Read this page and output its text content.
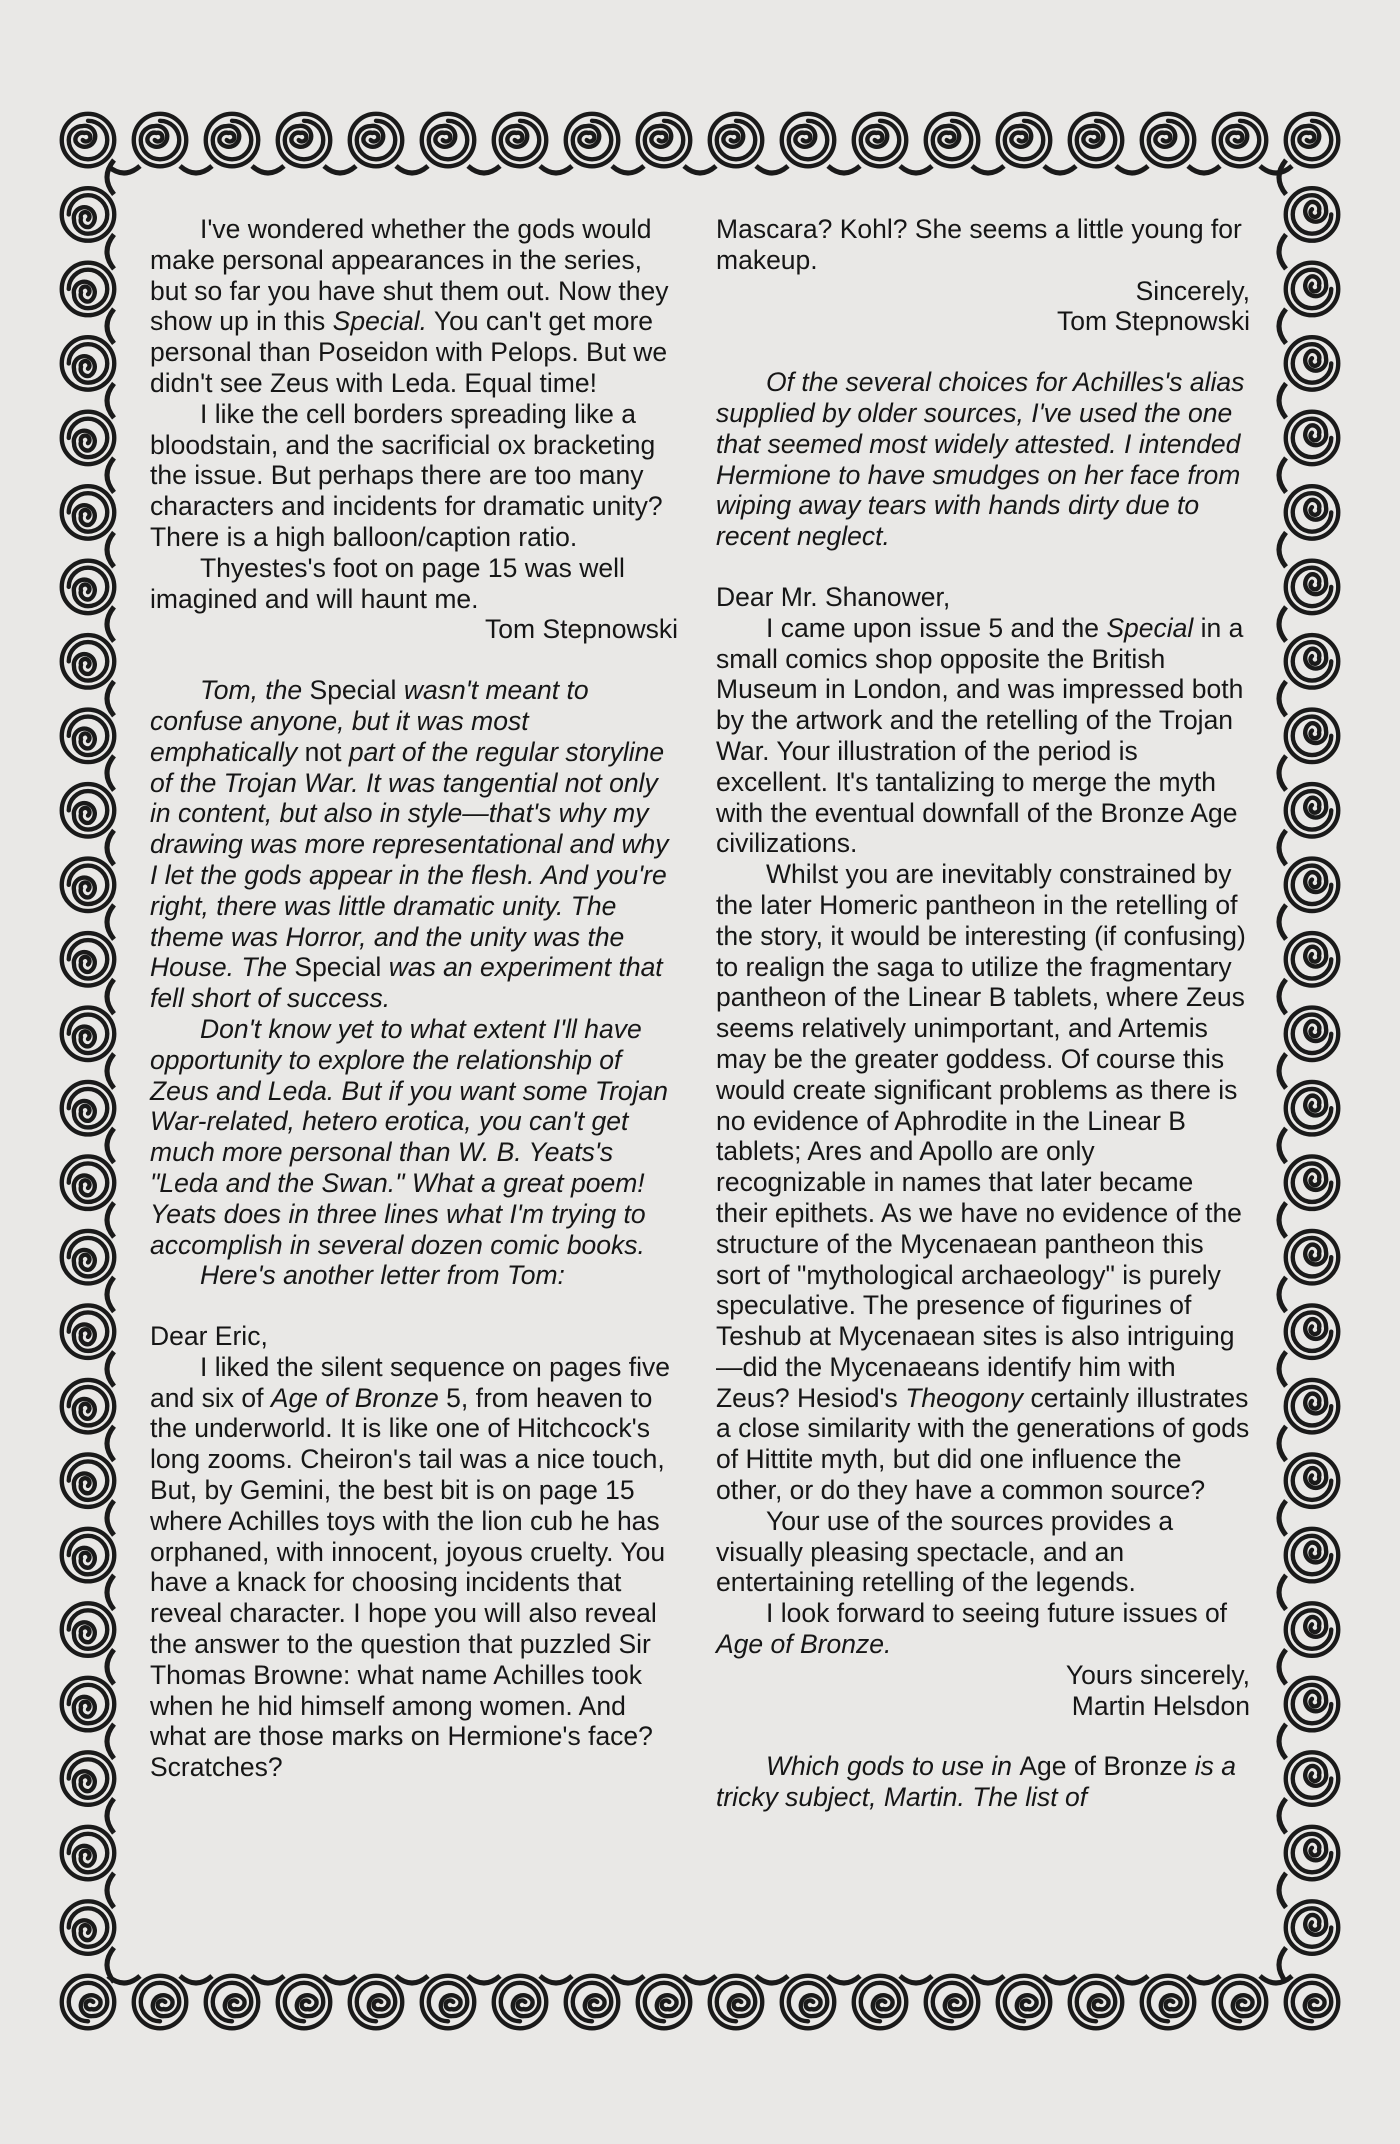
I've wondered whether the gods would make personal appearances in the series, but so far you have shut them out. Now they show up in this Special. You can't get more personal than Poseidon with Pelops. But we didn't see Zeus with Leda. Equal time!

I like the cell borders spreading like a bloodstain, and the sacrificial ox bracketing the issue. But perhaps there are too many characters and incidents for dramatic unity? There is a high balloon/caption ratio.

Thyestes's foot on page 15 was well imagined and will haunt me.

Tom Stepnowski

Tom, the Special wasn't meant to confuse anyone, but it was most emphatically not part of the regular storyline of the Trojan War. It was tangential not only in content, but also in style—that's why my drawing was more representational and why I let the gods appear in the flesh. And you're right, there was little dramatic unity. The theme was Horror, and the unity was the House. The Special was an experiment that fell short of success.

Don't know yet to what extent I'll have opportunity to explore the relationship of Zeus and Leda. But if you want some Trojan War-related, hetero erotica, you can't get much more personal than W. B. Yeats's "Leda and the Swan." What a great poem! Yeats does in three lines what I'm trying to accomplish in several dozen comic books.

Here's another letter from Tom:

Dear Eric,

I liked the silent sequence on pages five and six of Age of Bronze 5, from heaven to the underworld. It is like one of Hitchcock's long zooms. Cheiron's tail was a nice touch, But, by Gemini, the best bit is on page 15 where Achilles toys with the lion cub he has orphaned, with innocent, joyous cruelty. You have a knack for choosing incidents that reveal character. I hope you will also reveal the answer to the question that puzzled Sir Thomas Browne: what name Achilles took when he hid himself among women. And what are those marks on Hermione's face? Scratches?

Mascara? Kohl? She seems a little young for makeup.

Sincerely,

Tom Stepnowski

Of the several choices for Achilles's alias supplied by older sources, I've used the one that seemed most widely attested. I intended Hermione to have smudges on her face from wiping away tears with hands dirty due to recent neglect.

Dear Mr. Shanower,

I came upon issue 5 and the Special in a small comics shop opposite the British Museum in London, and was impressed both by the artwork and the retelling of the Trojan War. Your illustration of the period is excellent. It's tantalizing to merge the myth with the eventual downfall of the Bronze Age civilizations.

Whilst you are inevitably constrained by the later Homeric pantheon in the retelling of the story, it would be interesting (if confusing) to realign the saga to utilize the fragmentary pantheon of the Linear B tablets, where Zeus seems relatively unimportant, and Artemis may be the greater goddess. Of course this would create significant problems as there is no evidence of Aphrodite in the Linear B tablets; Ares and Apollo are only recognizable in names that later became their epithets. As we have no evidence of the structure of the Mycenaean pantheon this sort of "mythological archaeology" is purely speculative. The presence of figurines of Teshub at Mycenaean sites is also intriguing—did the Mycenaeans identify him with Zeus? Hesiod's Theogony certainly illustrates a close similarity with the generations of gods of Hittite myth, but did one influence the other, or do they have a common source?

Your use of the sources provides a visually pleasing spectacle, and an entertaining retelling of the legends.

I look forward to seeing future issues of Age of Bronze.

Yours sincerely,

Martin Helsdon

Which gods to use in Age of Bronze is a tricky subject, Martin. The list of
